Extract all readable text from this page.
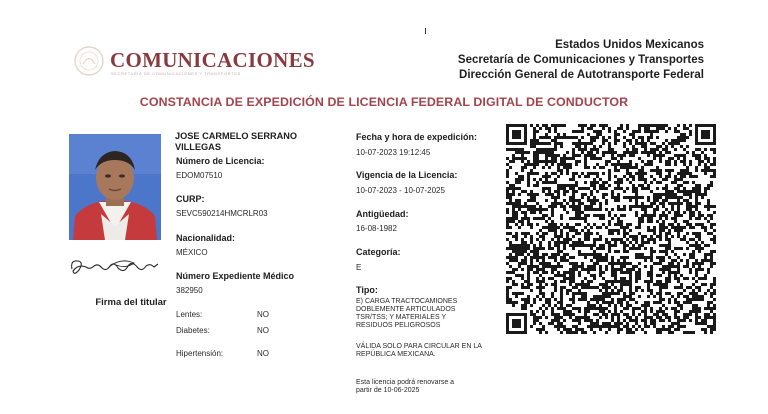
COMUNICACIONES
SECRETARÍA DE COMUNICACIONES Y TRANSPORTES
Estados Unidos Mexicanos
Secretaría de Comunicaciones y Transportes
Dirección General de Autotransporte Federal
CONSTANCIA DE EXPEDICIÓN DE LICENCIA FEDERAL DIGITAL DE CONDUCTOR
Firma del titular
JOSE CARMELO SERRANO VILLEGAS
Número de Licencia:
EDOM07510
CURP:
SEVC590214HMCRLR03
Nacionalidad:
MÉXICO
Número Expediente Médico
382950
Lentes:	NO
Diabetes:	NO
Hipertensión:	NO
Fecha y hora de expedición:
10-07-2023 19:12:45
Vigencia de la Licencia:
10-07-2023 - 10-07-2025
Antigüedad:
16-08-1982
Categoría:
E
Tipo:
E) CARGA TRACTOCAMIONES DOBLEMENTE ARTICULADOS TSR/TSS; Y MATERIALES Y RESIDUOS PELIGROSOS
VÁLIDA SOLO PARA CIRCULAR EN LA REPÚBLICA MEXICANA.
Esta licencia podrá renovarse a partir de 10-06-2025
